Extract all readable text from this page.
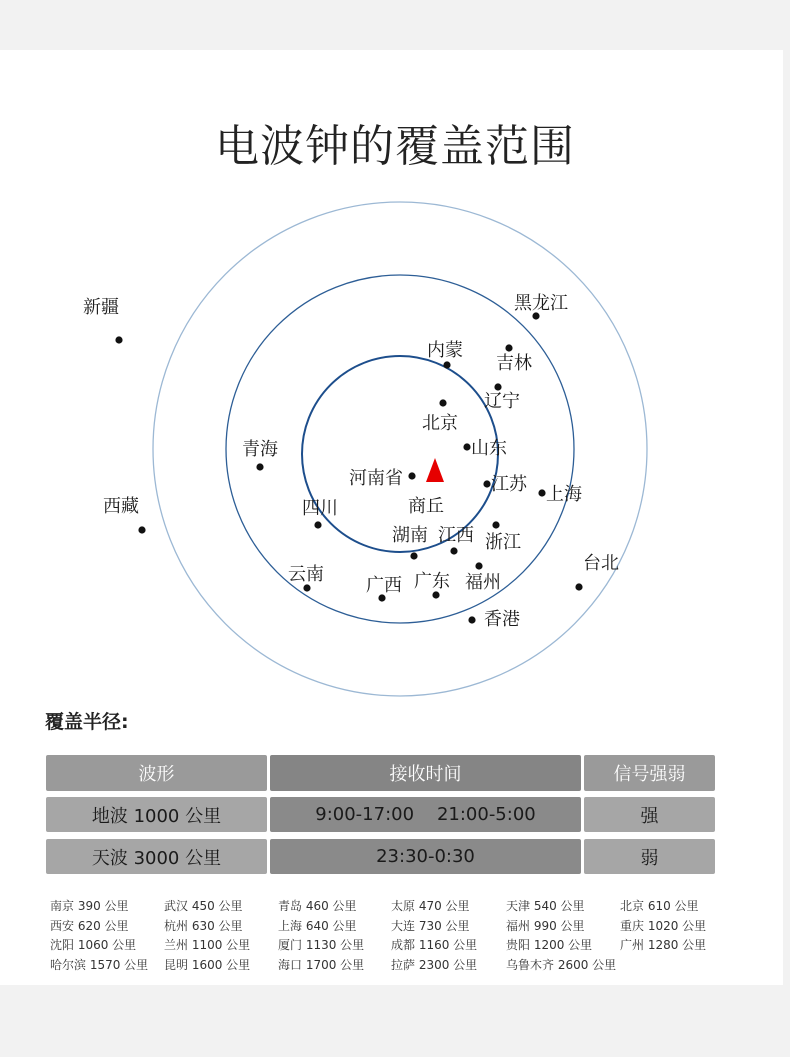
电波钟的覆盖范围
新疆	黑龙江
内蒙
吉林
辽宁
北京
山东
青海
河南省	江苏 上海
西藏	四川
湖南 江西 浙江
云南
广西 广东 福州
台北
香港
商丘
覆盖半径:
波形	接收时间	信号强弱
地波 1000 公里	9:00-17:00    21:00-5:00	强
天波 3000 公里	23:30-0:30	弱
南京 390 公里	武汉 450 公里	青岛 460 公里	太原 470 公里	天津 540 公里	北京 610 公里
西安 620 公里	杭州 630 公里	上海 640 公里	大连 730 公里	福州 990 公里	重庆 1020 公里
沈阳 1060 公里	兰州 1100 公里	厦门 1130 公里	成都 1160 公里	贵阳 1200 公里	广州 1280 公里
哈尔滨 1570 公里	昆明 1600 公里	海口 1700 公里	拉萨 2300 公里	乌鲁木齐 2600 公里
